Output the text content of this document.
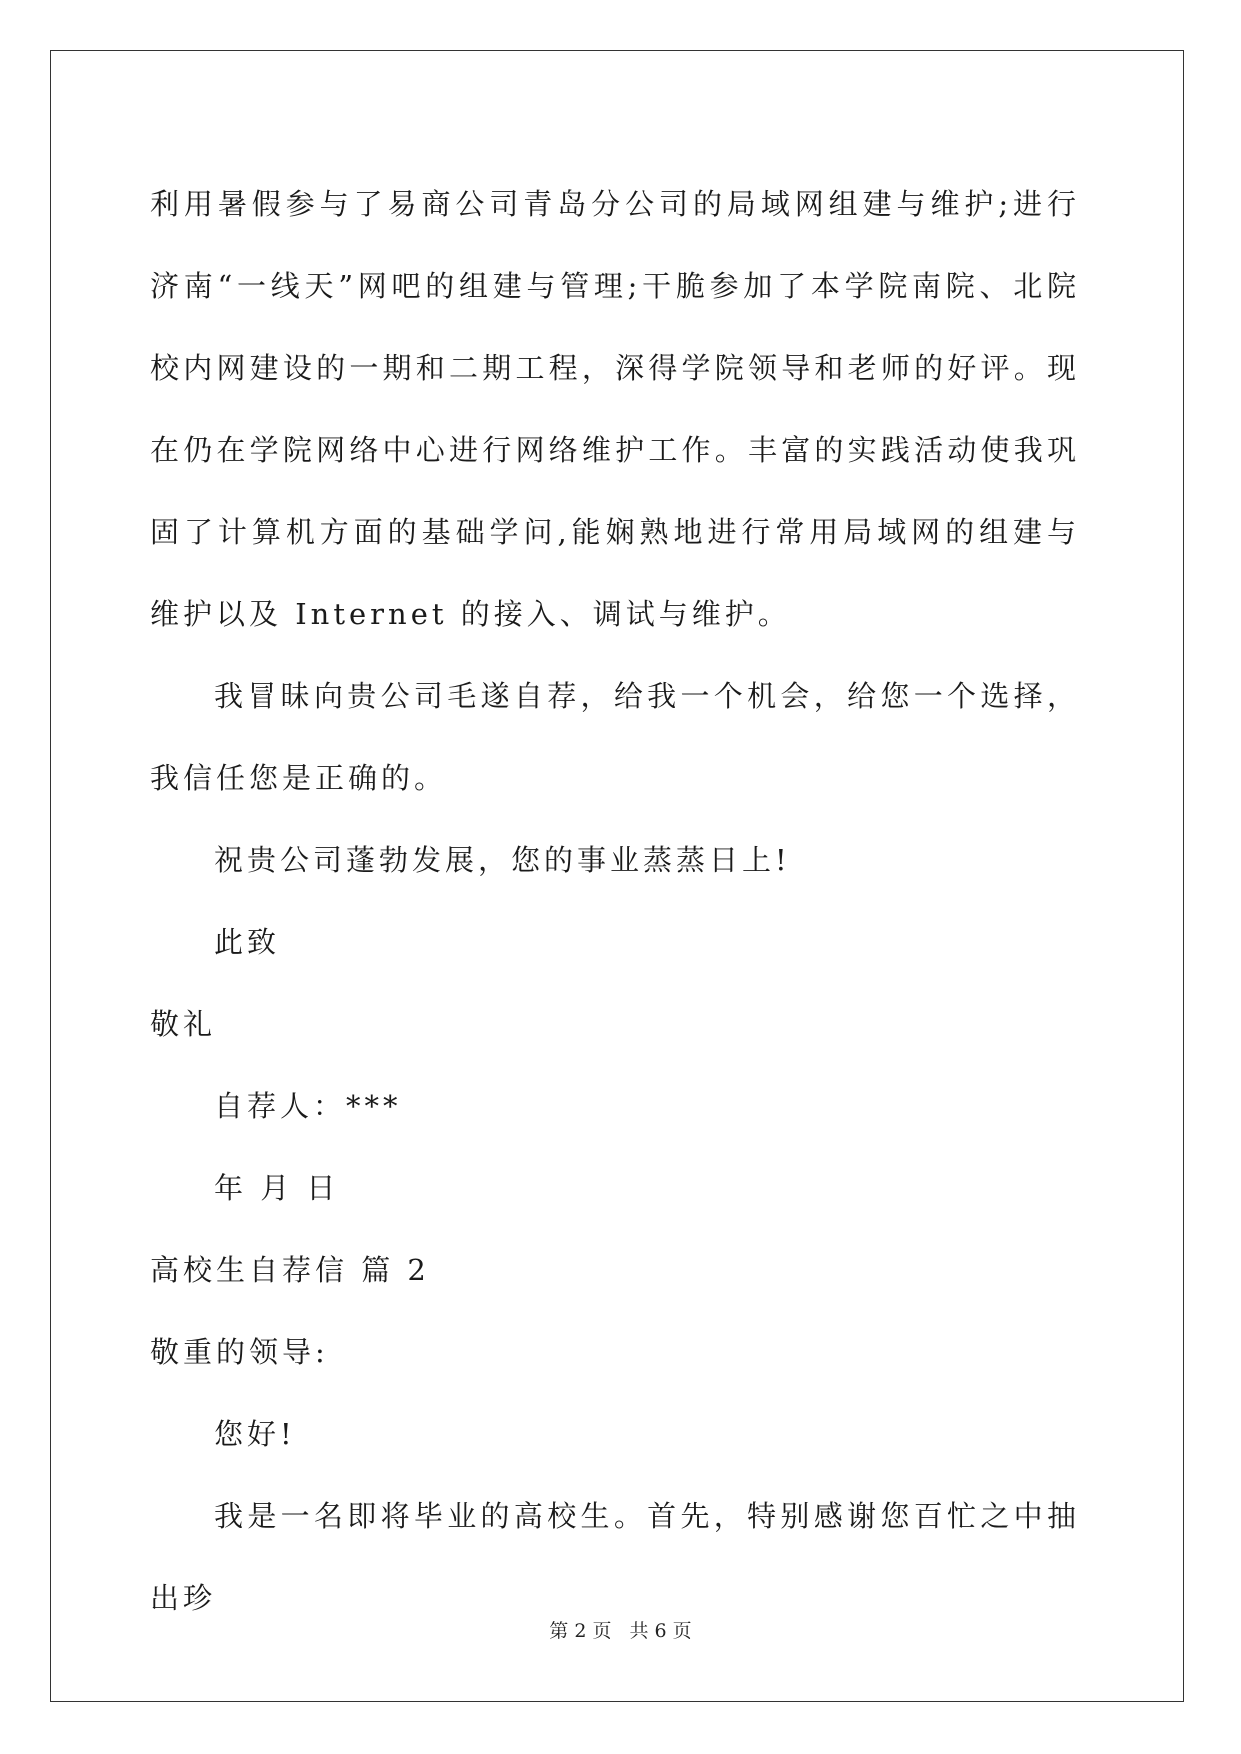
利用暑假参与了易商公司青岛分公司的局域网组建与维护;进行济南“一线天”网吧的组建与管理;干脆参加了本学院南院、北院校内网建设的一期和二期工程，深得学院领导和老师的好评。现在仍在学院网络中心进行网络维护工作。丰富的实践活动使我巩固了计算机方面的基础学问,能娴熟地进行常用局域网的组建与维护以及 Internet 的接入、调试与维护。

我冒昧向贵公司毛遂自荐，给我一个机会，给您一个选择，我信任您是正确的。

祝贵公司蓬勃发展，您的事业蒸蒸日上!

此致

敬礼

自荐人：***

年 月 日

高校生自荐信 篇 2

敬重的领导:

您好!

我是一名即将毕业的高校生。首先，特别感谢您百忙之中抽出珍

第 2 页 共 6 页
